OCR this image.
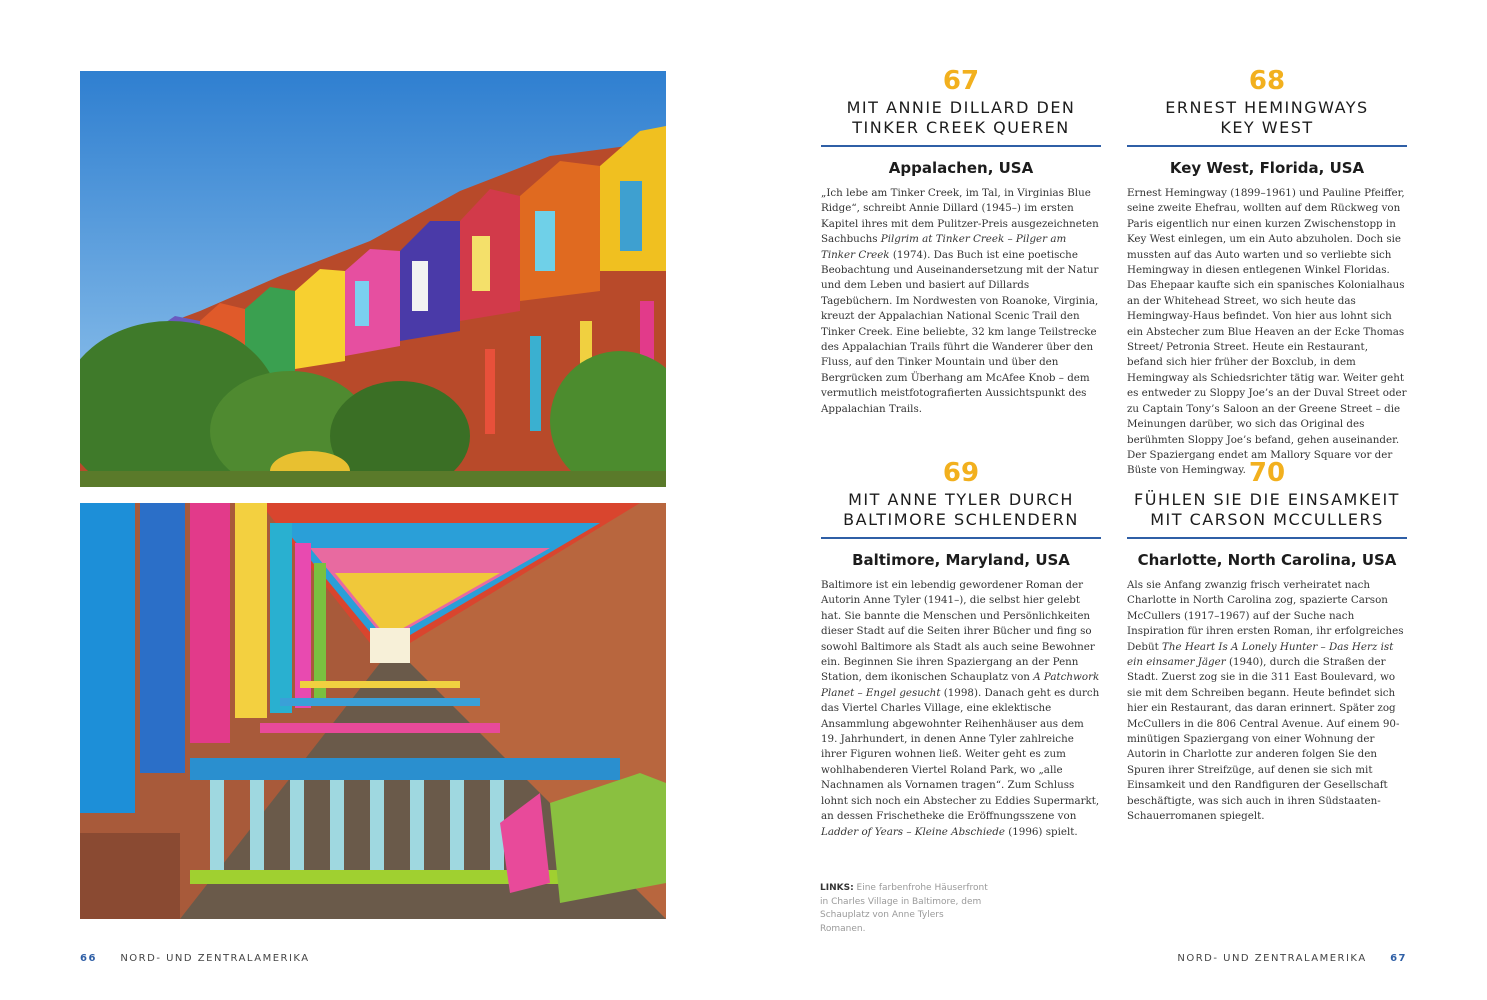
67
MIT ANNIE DILLARD DEN
TINKER CREEK QUEREN
Appalachen, USA
„Ich lebe am Tinker Creek, im Tal, in Virginias Blue Ridge“, schreibt Annie Dillard (1945–) im ersten Kapitel ihres mit dem Pulitzer-Preis ausgezeichneten Sachbuchs Pilgrim at Tinker Creek – Pilger am Tinker Creek (1974). Das Buch ist eine poetische Beobachtung und Auseinandersetzung mit der Natur und dem Leben und basiert auf Dillards Tagebüchern. Im Nordwesten von Roanoke, Virginia, kreuzt der Appalachian National Scenic Trail den Tinker Creek. Eine beliebte, 32 km lange Teilstrecke des Appalachian Trails führt die Wanderer über den Fluss, auf den Tinker Mountain und über den Bergrücken zum Überhang am McAfee Knob – dem vermutlich meistfotografierten Aussichtspunkt des Appalachian Trails.
68
ERNEST HEMINGWAYS
KEY WEST
Key West, Florida, USA
Ernest Hemingway (1899–1961) und Pauline Pfeiffer, seine zweite Ehefrau, wollten auf dem Rückweg von Paris eigentlich nur einen kurzen Zwischenstopp in Key West einlegen, um ein Auto abzuholen. Doch sie mussten auf das Auto warten und so verliebte sich Hemingway in diesen entlegenen Winkel Floridas. Das Ehepaar kaufte sich ein spanisches Kolonialhaus an der Whitehead Street, wo sich heute das Hemingway-Haus befindet. Von hier aus lohnt sich ein Abstecher zum Blue Heaven an der Ecke Thomas Street/ Petronia Street. Heute ein Restaurant, befand sich hier früher der Boxclub, in dem Hemingway als Schiedsrichter tätig war. Weiter geht es entweder zu Sloppy Joe’s an der Duval Street oder zu Captain Tony’s Saloon an der Greene Street – die Meinungen darüber, wo sich das Original des berühmten Sloppy Joe’s befand, gehen auseinander. Der Spaziergang endet am Mallory Square vor der Büste von Hemingway.
69
MIT ANNE TYLER DURCH
BALTIMORE SCHLENDERN
Baltimore, Maryland, USA
Baltimore ist ein lebendig gewordener Roman der Autorin Anne Tyler (1941–), die selbst hier gelebt hat. Sie bannte die Menschen und Persönlichkeiten dieser Stadt auf die Seiten ihrer Bücher und fing so sowohl Baltimore als Stadt als auch seine Bewohner ein. Beginnen Sie ihren Spaziergang an der Penn Station, dem ikonischen Schauplatz von A Patchwork Planet – Engel gesucht (1998). Danach geht es durch das Viertel Charles Village, eine eklektische Ansammlung abgewohnter Reihenhäuser aus dem 19. Jahrhundert, in denen Anne Tyler zahlreiche ihrer Figuren wohnen ließ. Weiter geht es zum wohlhabenderen Viertel Roland Park, wo „alle Nachnamen als Vornamen tragen“. Zum Schluss lohnt sich noch ein Abstecher zu Eddies Supermarkt, an dessen Frischetheke die Eröffnungsszene von Ladder of Years – Kleine Abschiede (1996) spielt.
70
FÜHLEN SIE DIE EINSAMKEIT
MIT CARSON MCCULLERS
Charlotte, North Carolina, USA
Als sie Anfang zwanzig frisch verheiratet nach Charlotte in North Carolina zog, spazierte Carson McCullers (1917–1967) auf der Suche nach Inspiration für ihren ersten Roman, ihr erfolgreiches Debüt The Heart Is A Lonely Hunter – Das Herz ist ein einsamer Jäger (1940), durch die Straßen der Stadt. Zuerst zog sie in die 311 East Boulevard, wo sie mit dem Schreiben begann. Heute befindet sich hier ein Restaurant, das daran erinnert. Später zog McCullers in die 806 Central Avenue. Auf einem 90-minütigen Spaziergang von einer Wohnung der Autorin in Charlotte zur anderen folgen Sie den Spuren ihrer Streifzüge, auf denen sie sich mit Einsamkeit und den Randfiguren der Gesellschaft beschäftigte, was sich auch in ihren Südstaaten-Schauerromanen spiegelt.
LINKS: Eine farbenfrohe Häuserfront in Charles Village in Baltimore, dem Schauplatz von Anne Tylers Romanen.
66 NORD- UND ZENTRALAMERIKA	NORD- UND ZENTRALAMERIKA 67
